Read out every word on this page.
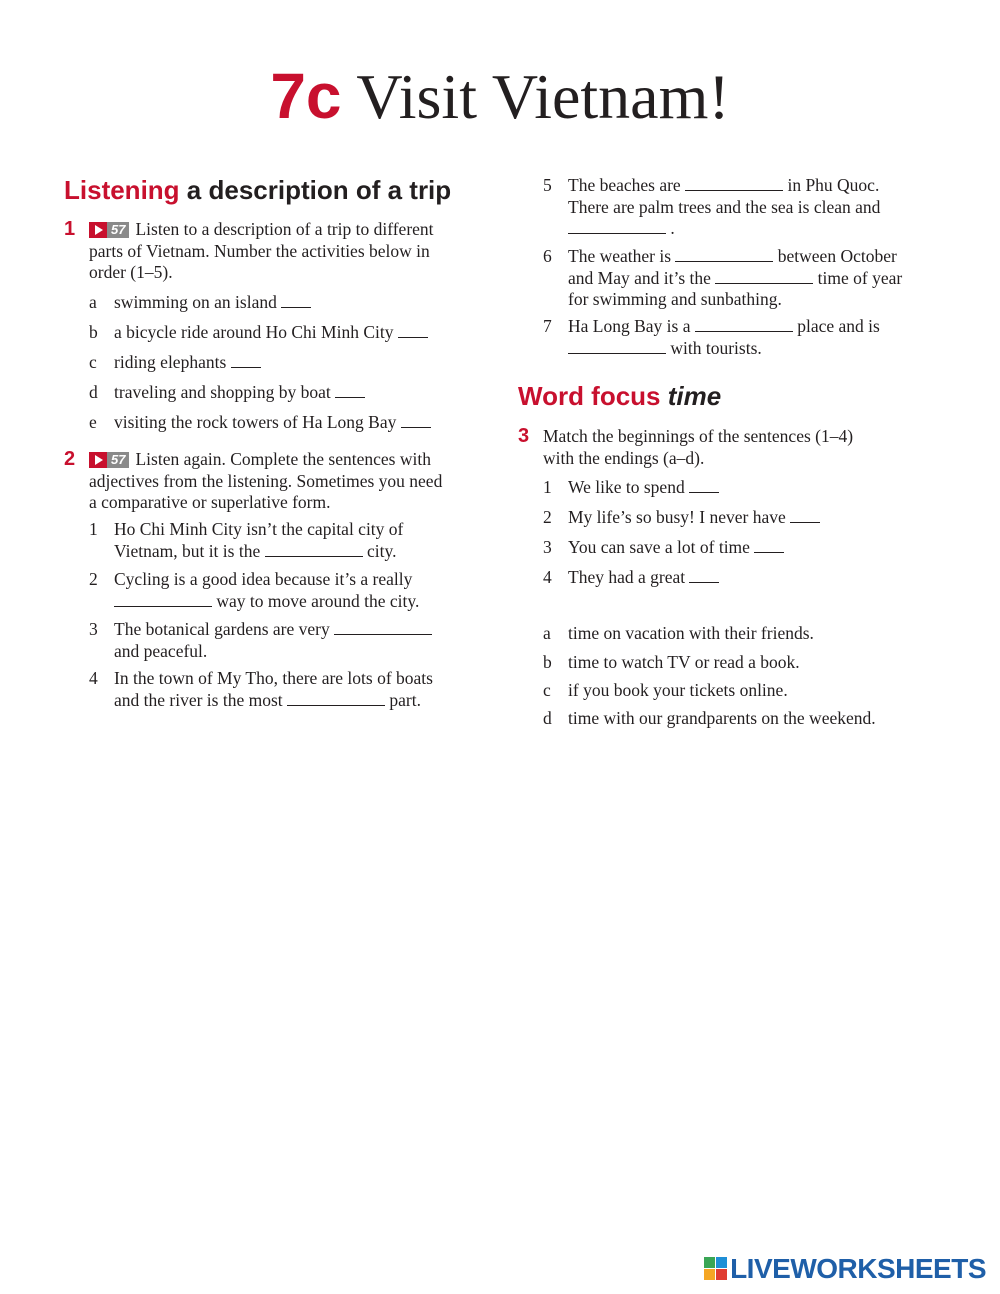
7c Visit Vietnam!
Listening a description of a trip
1	57 Listen to a description of a trip to different
parts of Vietnam. Number the activities below in
order (1–5).
a swimming on an island
b a bicycle ride around Ho Chi Minh City
c riding elephants
d traveling and shopping by boat
e visiting the rock towers of Ha Long Bay
2	57 Listen again. Complete the sentences with
adjectives from the listening. Sometimes you need
a comparative or superlative form.
1 Ho Chi Minh City isn’t the capital city of
Vietnam, but it is the	city.
2 Cycling is a good idea because it’s a really
way to move around the city.
3 The botanical gardens are very
and peaceful.
4 In the town of My Tho, there are lots of boats
and the river is the most	part.
5 The beaches are	in Phu Quoc.
There are palm trees and the sea is clean and
.
6 The weather is	between October
and May and it’s the	time of year
for swimming and sunbathing.
7 Ha Long Bay is a	place and is
with tourists.
Word focus time
3 Match the beginnings of the sentences (1–4)
with the endings (a–d).
1 We like to spend
2 My life’s so busy! I never have
3 You can save a lot of time
4 They had a great
a time on vacation with their friends.
b time to watch TV or read a book.
c if you book your tickets online.
d time with our grandparents on the weekend.
LIVEWORKSHEETS
